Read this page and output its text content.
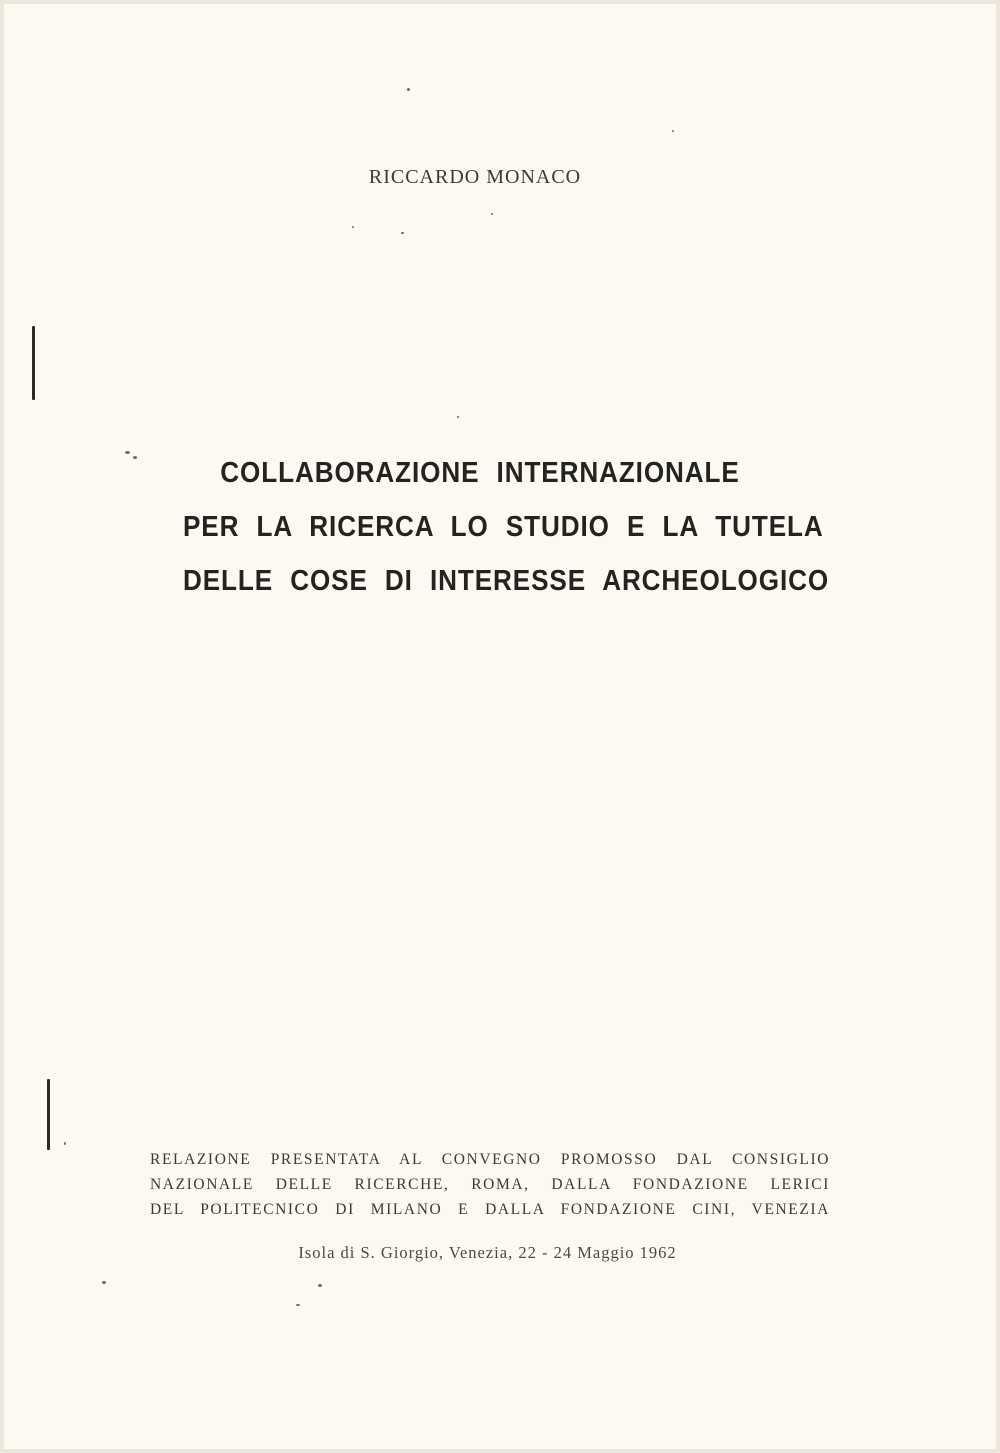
RICCARDO MONACO
COLLABORAZIONE INTERNAZIONALE
PER LA RICERCA LO STUDIO E LA TUTELA
DELLE COSE DI INTERESSE ARCHEOLOGICO
RELAZIONE PRESENTATA AL CONVEGNO PROMOSSO DAL CONSIGLIO
NAZIONALE DELLE RICERCHE, ROMA, DALLA FONDAZIONE LERICI
DEL POLITECNICO DI MILANO E DALLA FONDAZIONE CINI, VENEZIA
Isola di S. Giorgio, Venezia, 22 - 24 Maggio 1962
